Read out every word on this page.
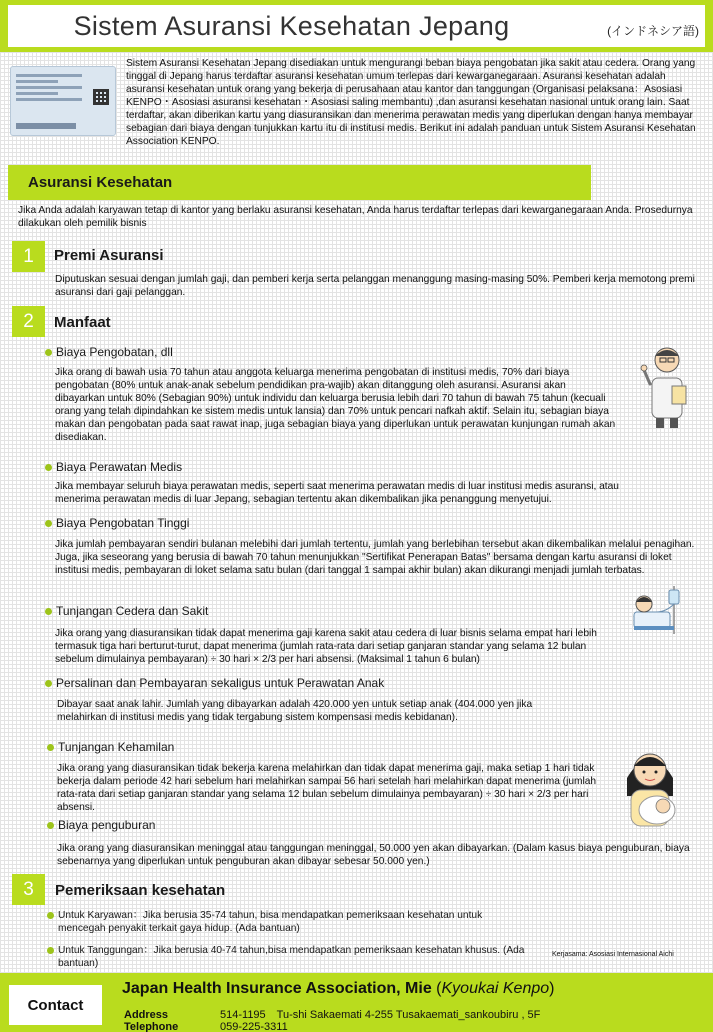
Sistem Asuransi Kesehatan Jepang	(インドネシア語)

Sistem Asuransi Kesehatan Jepang disediakan untuk mengurangi beban biaya pengobatan jika sakit atau cedera. Orang yang tinggal di Jepang harus terdaftar asuransi kesehatan umum terlepas dari kewarganegaraan. Asuransi kesehatan adalah asuransi kesehatan untuk orang yang bekerja di perusahaan atau kantor dan tanggungan (Organisasi pelaksana：Asosiasi KENPO・Asosiasi asuransi kesehatan・Asosiasi saling membantu) ,dan asuransi kesehatan nasional untuk orang lain. Saat terdaftar, akan diberikan kartu yang diasuransikan dan menerima perawatan medis yang diperlukan dengan hanya membayar sebagian dari biaya dengan tunjukkan kartu itu di institusi medis. Berikut ini adalah panduan untuk Sistem Asuransi Kesehatan Association KENPO.

Asuransi Kesehatan

Jika Anda adalah karyawan tetap di kantor yang berlaku asuransi kesehatan, Anda harus terdaftar terlepas dari kewarganegaraan Anda. Prosedurnya dilakukan oleh pemilik bisnis

1	Premi Asuransi

Diputuskan sesuai dengan jumlah gaji, dan pemberi kerja serta pelanggan menanggung masing-masing 50%. Pemberi kerja memotong premi asuransi dari gaji pelanggan.

2	Manfaat
Biaya Pengobatan, dll

Jika orang di bawah usia 70 tahun atau anggota keluarga menerima pengobatan di institusi medis, 70% dari biaya pengobatan (80% untuk anak-anak sebelum pendidikan pra-wajib) akan ditanggung oleh asuransi. Asuransi akan dibayarkan untuk 80% (Sebagian 90%) untuk individu dan keluarga berusia lebih dari 70 tahun di bawah 75 tahun (kecuali orang yang telah dipindahkan ke sistem medis untuk lansia) dan 70% untuk pencari nafkah aktif. Selain itu, sebagian biaya makan dan pengobatan pada saat rawat inap, juga sebagian biaya yang diperlukan untuk perawatan kunjungan rumah akan disediakan.

Biaya Perawatan Medis

Jika membayar seluruh biaya perawatan medis, seperti saat menerima perawatan medis di luar institusi medis asuransi, atau menerima perawatan medis di luar Jepang, sebagian tertentu akan dikembalikan jika penanggung menyetujui.

Biaya Pengobatan Tinggi

Jika jumlah pembayaran sendiri bulanan melebihi dari jumlah tertentu, jumlah yang berlebihan tersebut akan dikembalikan melalui penagihan. Juga, jika seseorang yang berusia di bawah 70 tahun menunjukkan "Sertifikat Penerapan Batas" bersama dengan kartu asuransi di loket institusi medis, pembayaran di loket selama satu bulan (dari tanggal 1 sampai akhir bulan) akan dikurangi menjadi jumlah terbatas.

Tunjangan Cedera dan Sakit

Jika orang yang diasuransikan tidak dapat menerima gaji karena sakit atau cedera di luar bisnis selama empat hari lebih termasuk tiga hari berturut-turut, dapat menerima (jumlah rata-rata dari setiap ganjaran standar yang selama 12 bulan sebelum dimulainya pembayaran) ÷ 30 hari × 2/3 per hari absensi. (Maksimal 1 tahun 6 bulan)

Persalinan dan Pembayaran sekaligus untuk Perawatan Anak

Dibayar saat anak lahir. Jumlah yang dibayarkan adalah 420.000 yen untuk setiap anak (404.000 yen jika melahirkan di institusi medis yang tidak tergabung sistem kompensasi medis kebidanan).

Tunjangan Kehamilan

Jika orang yang diasuransikan tidak bekerja karena melahirkan dan tidak dapat menerima gaji, maka setiap 1 hari tidak bekerja dalam periode 42 hari sebelum hari melahirkan sampai 56 hari setelah hari melahirkan dapat menerima (jumlah rata-rata dari setiap ganjaran standar yang selama 12 bulan sebelum dimulainya pembayaran) ÷ 30 hari × 2/3 per hari absensi.

Biaya penguburan

Jika orang yang diasuransikan meninggal atau tanggungan meninggal, 50.000 yen akan dibayarkan. (Dalam kasus biaya penguburan, biaya sebenarnya yang diperlukan untuk penguburan akan dibayar sebesar 50.000 yen.)

3	Pemeriksaan kesehatan
Untuk Karyawan：Jika berusia 35-74 tahun, bisa mendapatkan pemeriksaan kesehatan untuk mencegah penyakit terkait gaya hidup. (Ada bantuan)
Untuk Tanggungan：Jika berusia 40-74 tahun,bisa mendapatkan pemeriksaan kesehatan khusus. (Ada bantuan)
Kerjasama: Asosiasi Internasional Aichi
Contact
Japan Health Insurance Association, Mie (Kyoukai Kenpo)
Address	514-1195　Tu-shi Sakaemati 4-255 Tusakaemati_sankoubiru , 5F
Telephone	059-225-3311
